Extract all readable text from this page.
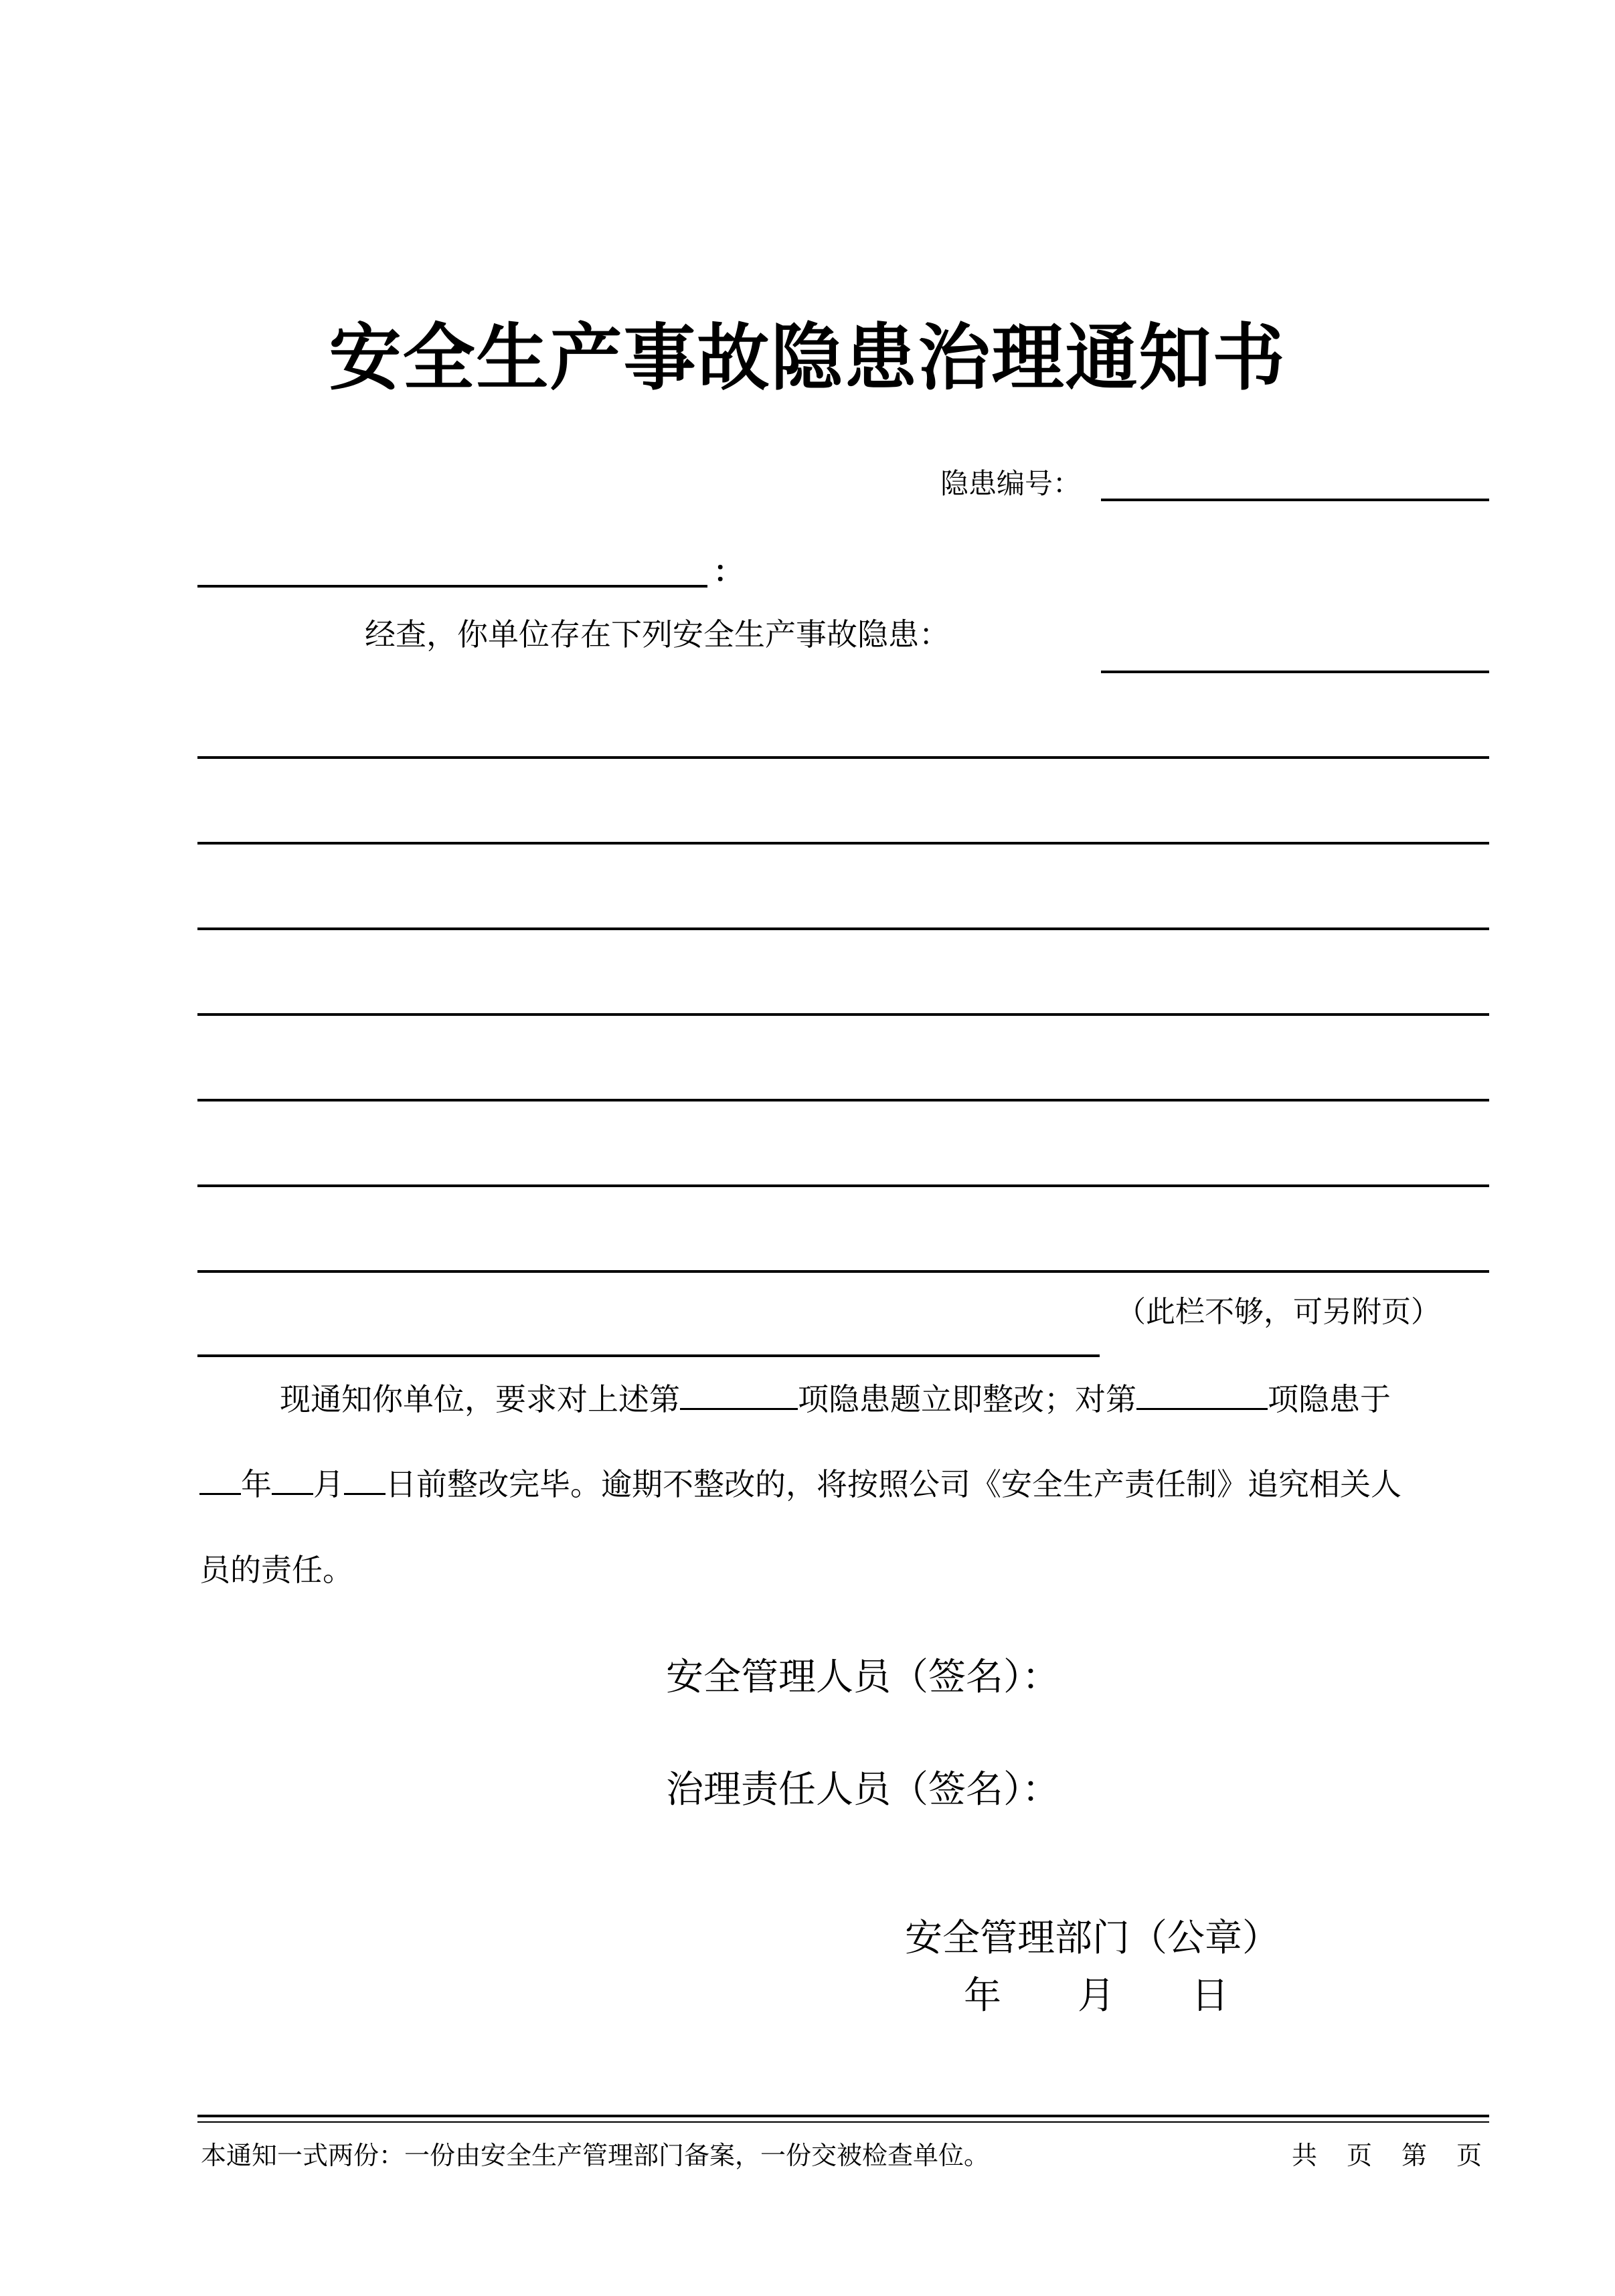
安全生产事故隐患治理通知书
隐患编号：
：
经查，你单位存在下列安全生产事故隐患：
（此栏不够，可另附页）
现通知你单位，要求对上述第	项隐患题立即整改；对第	项隐患于
年 月 日前整改完毕。逾期不整改的，将按照公司《安全生产责任制》追究相关人
员的责任。
安全管理人员（签名）：
治理责任人员（签名）：
安全管理部门（公章）
年 月 日
本通知一式两份：一份由安全生产管理部门备案，一份交被检查单位。	共 页 第 页
